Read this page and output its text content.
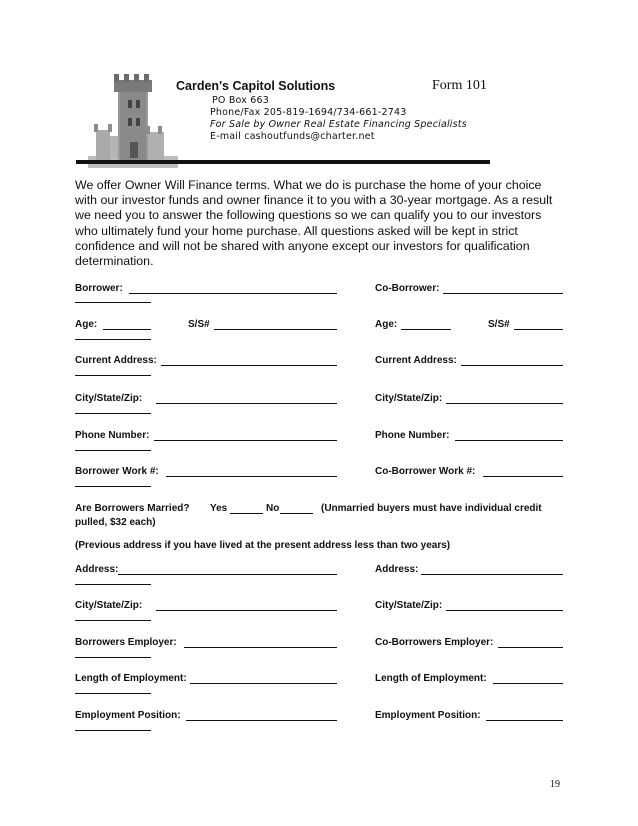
Carden's Capitol Solutions	Form 101
PO Box 663
Phone/Fax 205-819-1694/734-661-2743
For Sale by Owner Real Estate Financing Specialists
E-mail cashoutfunds@charter.net
We offer Owner Will Finance terms. What we do is purchase the home of your choice with our investor funds and owner finance it to you with a 30-year mortgage. As a result we need you to answer the following questions so we can qualify you to our investors who ultimately fund your home purchase. All questions asked will be kept in strict confidence and will not be shared with anyone except our investors for qualification determination.
Borrower:	Co-Borrower:
Age:	S/S#	Age:	S/S#
Current Address:	Current Address:
City/State/Zip:	City/State/Zip:
Phone Number:	Phone Number:
Borrower Work #:	Co-Borrower Work #:
Are Borrowers Married? Yes	No	(Unmarried buyers must have individual credit
pulled, $32 each)
(Previous address if you have lived at the present address less than two years)
Address:	Address:
City/State/Zip:	City/State/Zip:
Borrowers Employer:	Co-Borrowers Employer:
Length of Employment:	Length of Employment:
Employment Position:	Employment Position:
19
